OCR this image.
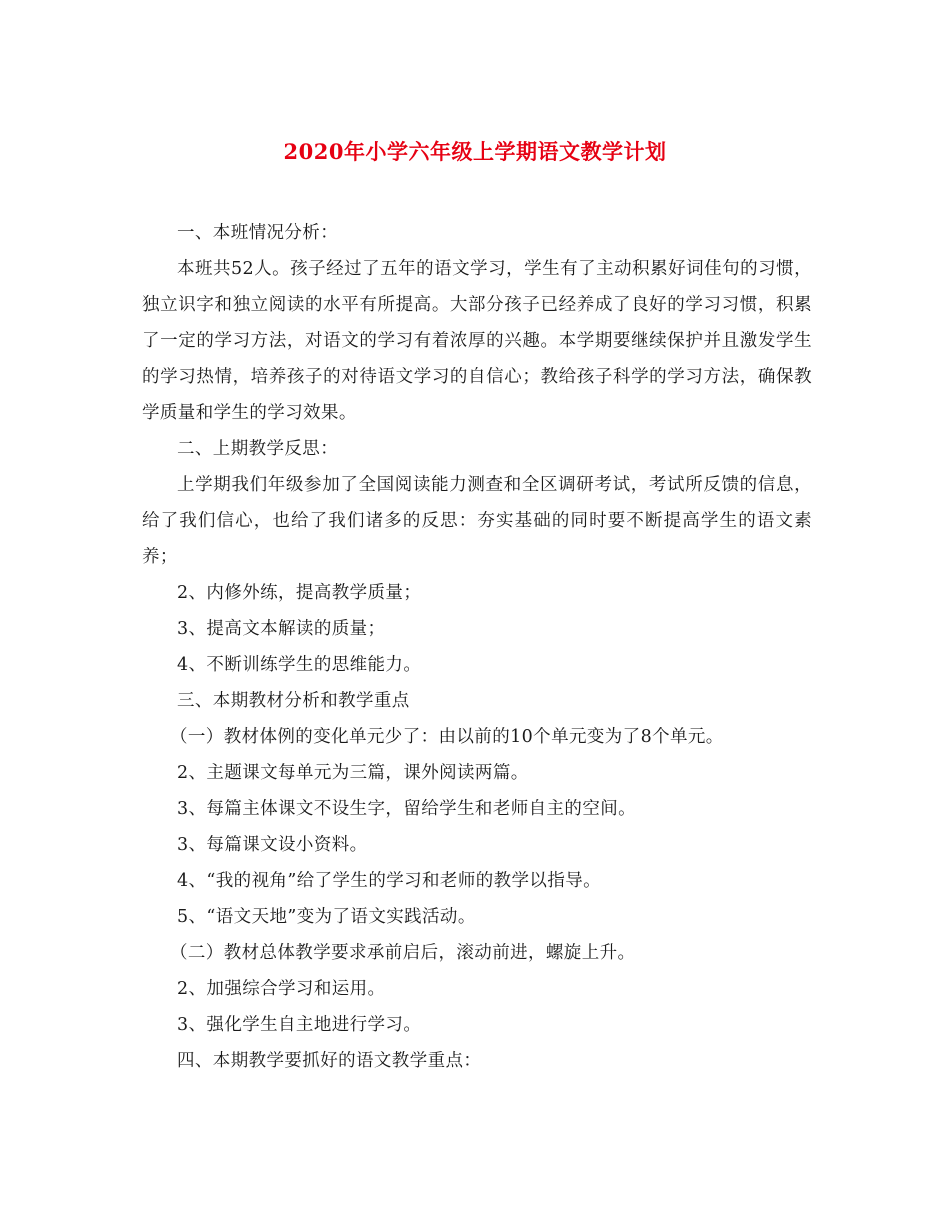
2020年小学六年级上学期语文教学计划

一、本班情况分析：

本班共52人。孩子经过了五年的语文学习，学生有了主动积累好词佳句的习惯，独立识字和独立阅读的水平有所提高。大部分孩子已经养成了良好的学习习惯，积累了一定的学习方法，对语文的学习有着浓厚的兴趣。本学期要继续保护并且激发学生的学习热情，培养孩子的对待语文学习的自信心；教给孩子科学的学习方法，确保教学质量和学生的学习效果。

二、上期教学反思：

上学期我们年级参加了全国阅读能力测查和全区调研考试，考试所反馈的信息，给了我们信心，也给了我们诸多的反思：夯实基础的同时要不断提高学生的语文素养；

2、内修外练，提高教学质量；

3、提高文本解读的质量；

4、不断训练学生的思维能力。

三、本期教材分析和教学重点

（一）教材体例的变化单元少了：由以前的10个单元变为了8个单元。

2、主题课文每单元为三篇，课外阅读两篇。

3、每篇主体课文不设生字，留给学生和老师自主的空间。

3、每篇课文设小资料。

4、“我的视角”给了学生的学习和老师的教学以指导。

5、“语文天地”变为了语文实践活动。

（二）教材总体教学要求承前启后，滚动前进，螺旋上升。

2、加强综合学习和运用。

3、强化学生自主地进行学习。

四、本期教学要抓好的语文教学重点：
